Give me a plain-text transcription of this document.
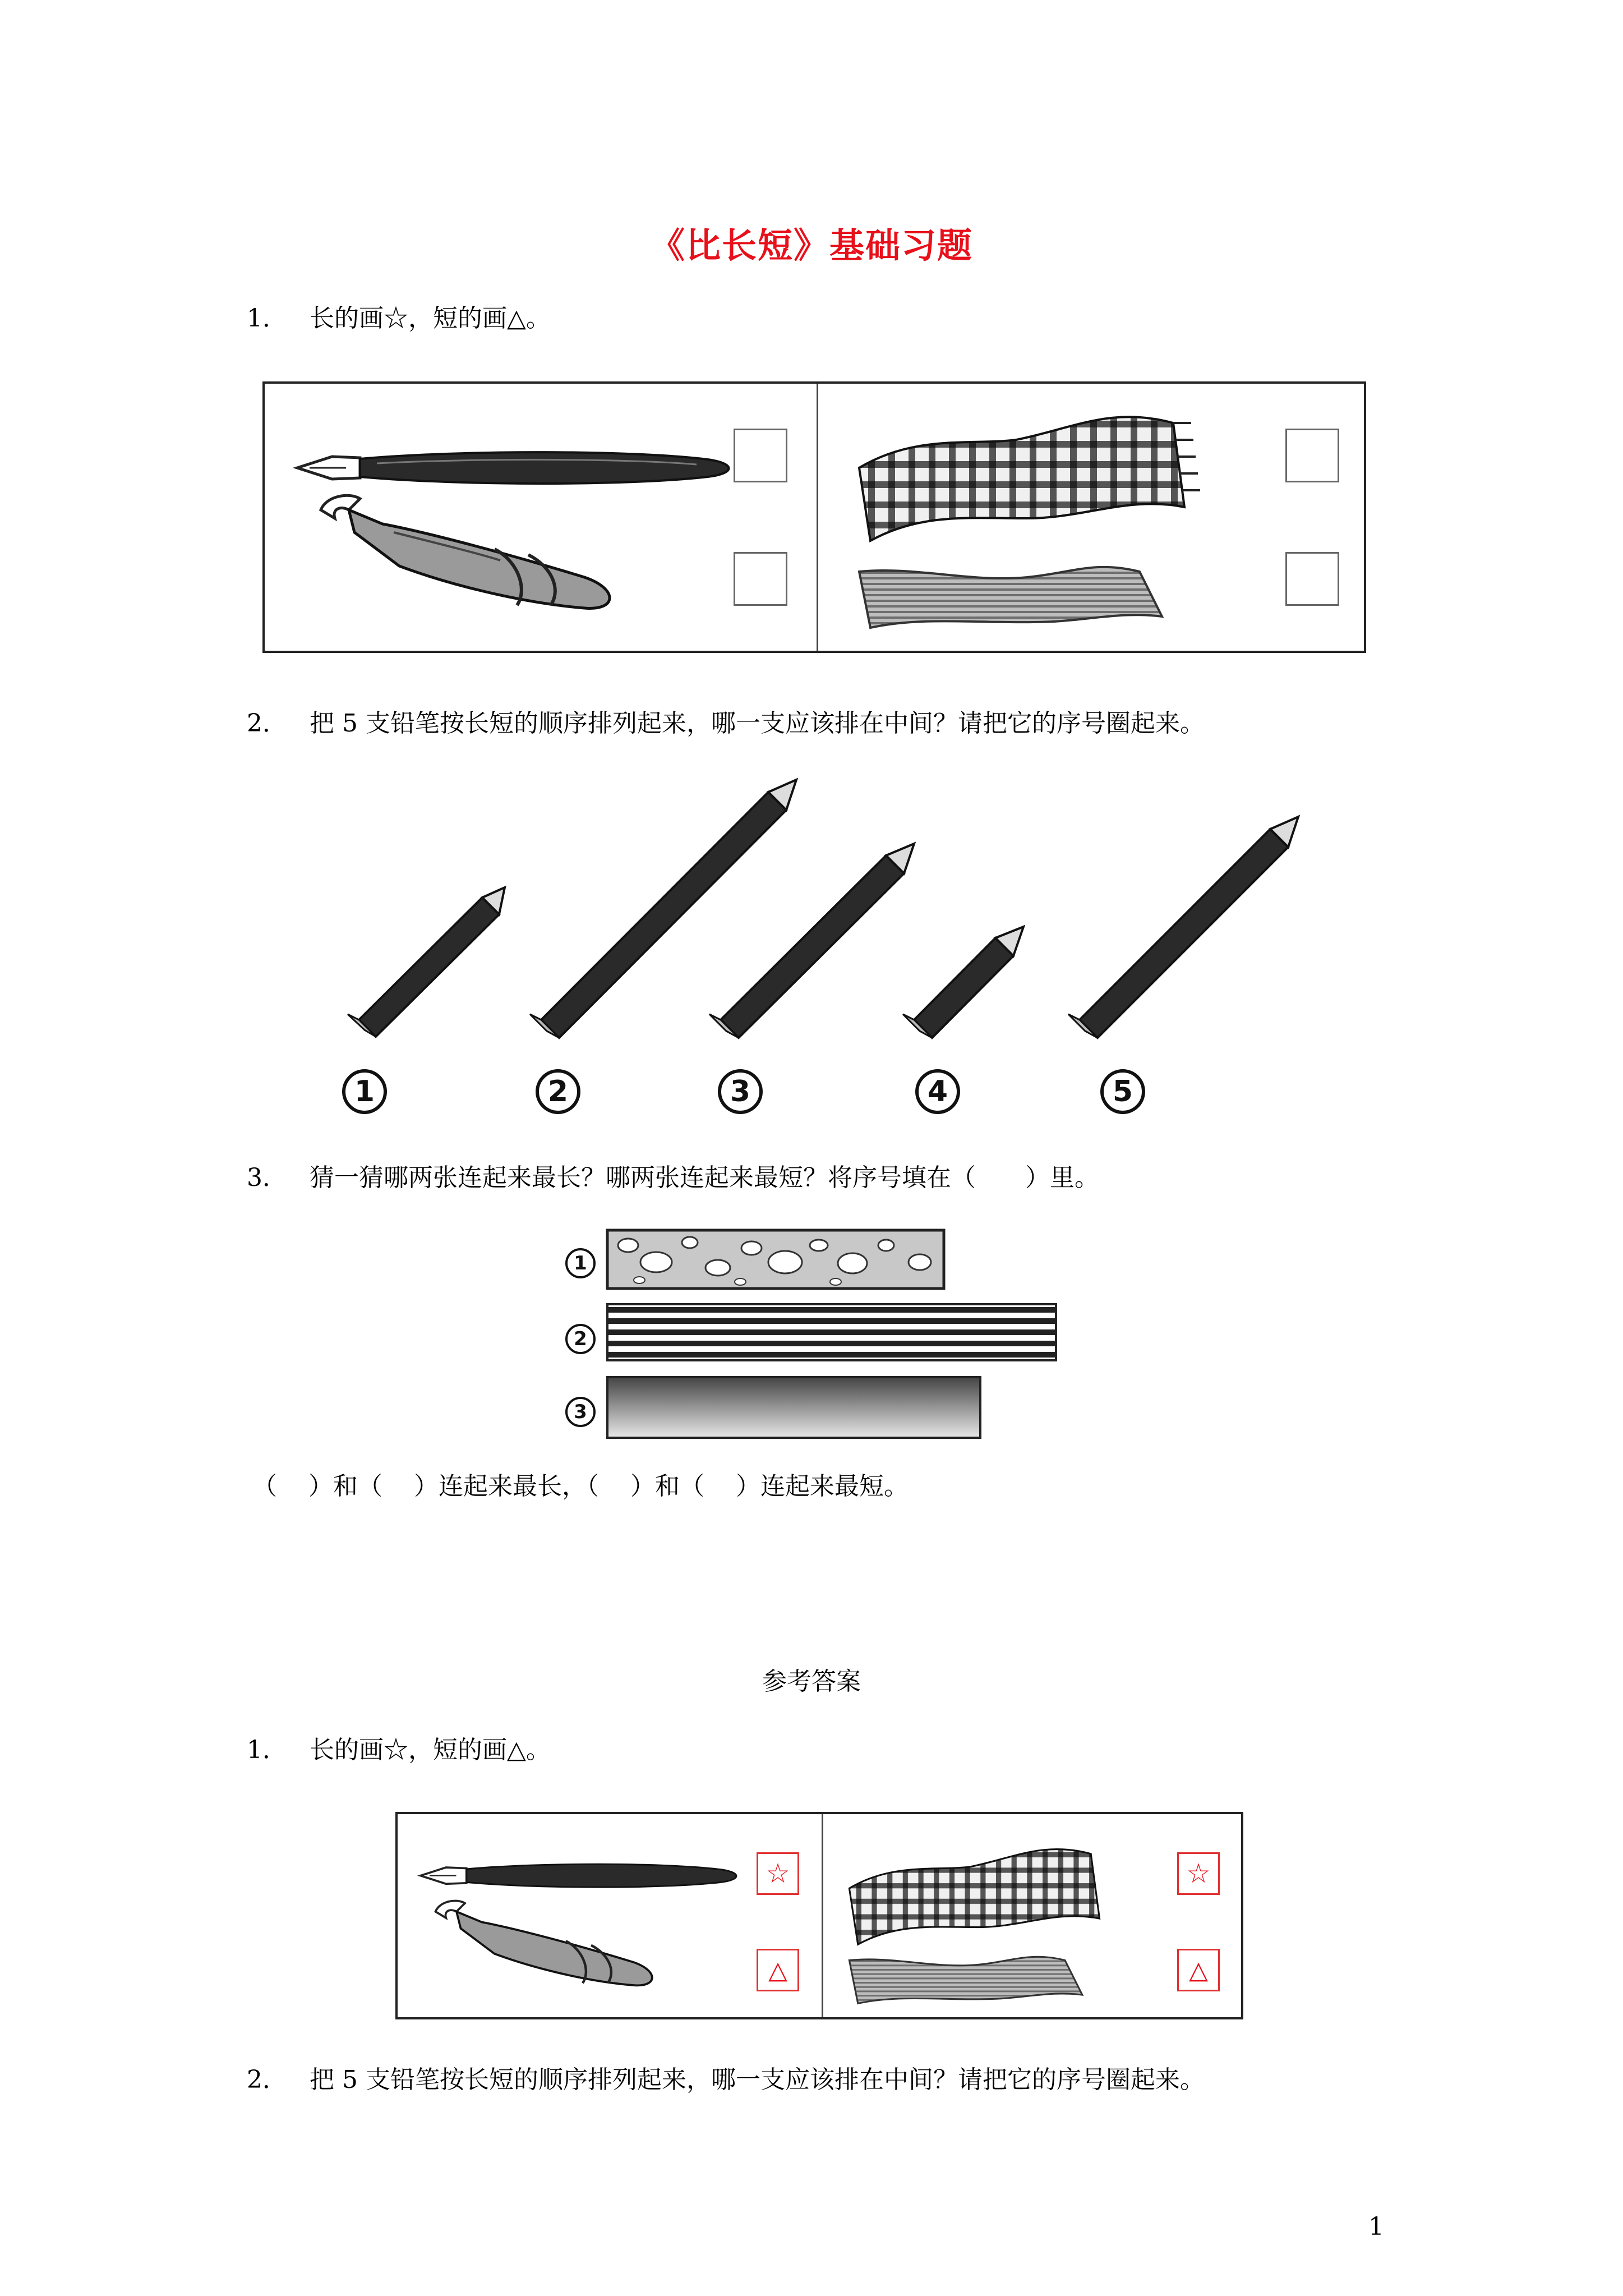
《比长短》基础习题
1． 长的画☆，短的画△。
2． 把 5 支铅笔按长短的顺序排列起来，哪一支应该排在中间？请把它的序号圈起来。
1	2	3	4	5
3． 猜一猜哪两张连起来最长？哪两张连起来最短？将序号填在（　　）里。
1
2
3
（ ）和（ ）连起来最长，（ ）和（ ）连起来最短。
参考答案
1． 长的画☆，短的画△。
☆
△
☆
△
2． 把 5 支铅笔按长短的顺序排列起来，哪一支应该排在中间？请把它的序号圈起来。
1
